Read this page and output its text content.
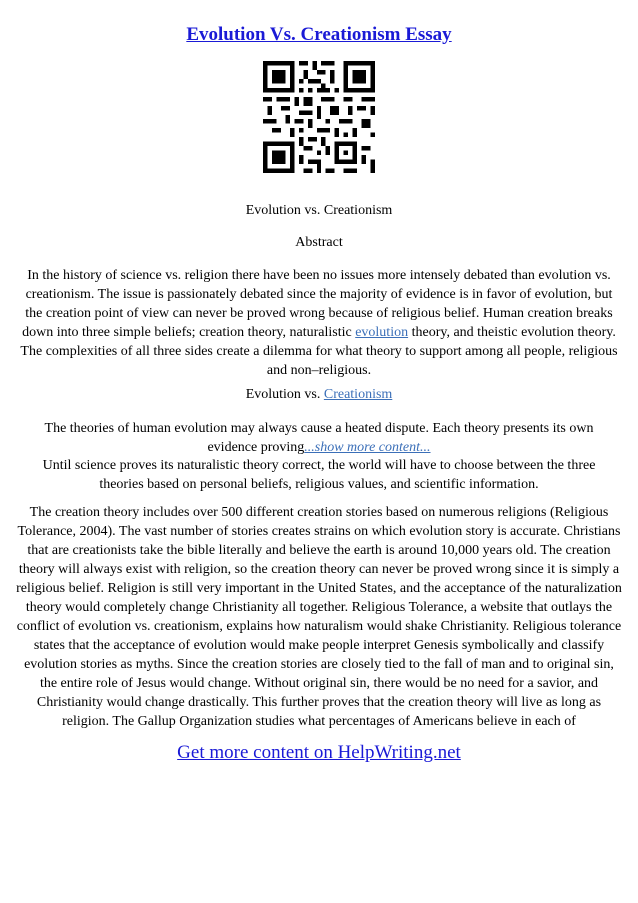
Evolution Vs. Creationism Essay

Evolution vs. Creationism

Abstract

In the history of science vs. religion there have been no issues more intensely debated than evolution vs. creationism. The issue is passionately debated since the majority of evidence is in favor of evolution, but the creation point of view can never be proved wrong because of religious belief. Human creation breaks down into three simple beliefs; creation theory, naturalistic evolution theory, and theistic evolution theory. The complexities of all three sides create a dilemma for what theory to support among all people, religious and non–religious.

Evolution vs. Creationism

The theories of human evolution may always cause a heated dispute. Each theory presents its own evidence proving...show more content...

Until science proves its naturalistic theory correct, the world will have to choose between the three theories based on personal beliefs, religious values, and scientific information.

The creation theory includes over 500 different creation stories based on numerous religions (Religious Tolerance, 2004). The vast number of stories creates strains on which evolution story is accurate. Christians that are creationists take the bible literally and believe the earth is around 10,000 years old. The creation theory will always exist with religion, so the creation theory can never be proved wrong since it is simply a religious belief. Religion is still very important in the United States, and the acceptance of the naturalization theory would completely change Christianity all together. Religious Tolerance, a website that outlays the conflict of evolution vs. creationism, explains how naturalism would shake Christianity. Religious tolerance states that the acceptance of evolution would make people interpret Genesis symbolically and classify evolution stories as myths. Since the creation stories are closely tied to the fall of man and to original sin, the entire role of Jesus would change. Without original sin, there would be no need for a savior, and Christianity would change drastically. This further proves that the creation theory will live as long as religion. The Gallup Organization studies what percentages of Americans believe in each of

Get more content on HelpWriting.net
